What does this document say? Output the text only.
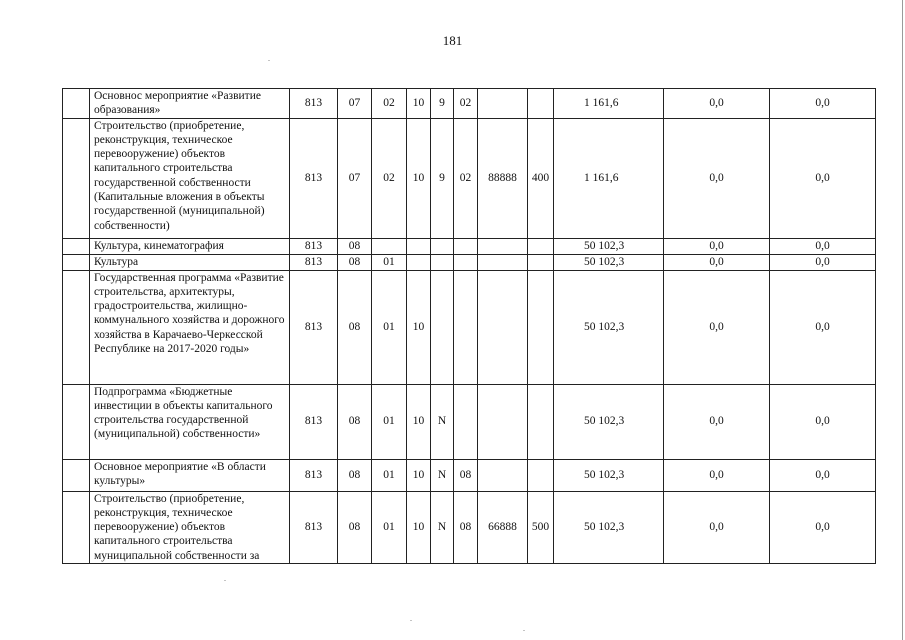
181
	Основнос мероприятие «Развитие образования»	813	07	02	10	9	02			1 161,6	0,0	0,0
	Строительство (приобретение, реконструкция, техническое перевооружение) объектов капитального строительства государственной собственности (Капитальные вложения в объекты государственной (муниципальной) собственности)	813	07	02	10	9	02	88888	400	1 161,6	0,0	0,0
	Культура, кинематография	813	08							50 102,3	0,0	0,0
	Культура	813	08	01						50 102,3	0,0	0,0
	Государственная программа «Развитие строительства, архитектуры, градостроительства, жилищно-коммунального хозяйства и дорожного хозяйства в Карачаево-Черкесской Республике на 2017-2020 годы»	813	08	01	10					50 102,3	0,0	0,0
	Подпрограмма «Бюджетные инвестиции в объекты капитального строительства государственной (муниципальной) собственности»	813	08	01	10	N				50 102,3	0,0	0,0
	Основное мероприятие «В области культуры»	813	08	01	10	N	08			50 102,3	0,0	0,0
	Строительство (приобретение, реконструкция, техническое перевооружение) объектов капитального строительства муниципальной собственности за	813	08	01	10	N	08	66888	500	50 102,3	0,0	0,0
